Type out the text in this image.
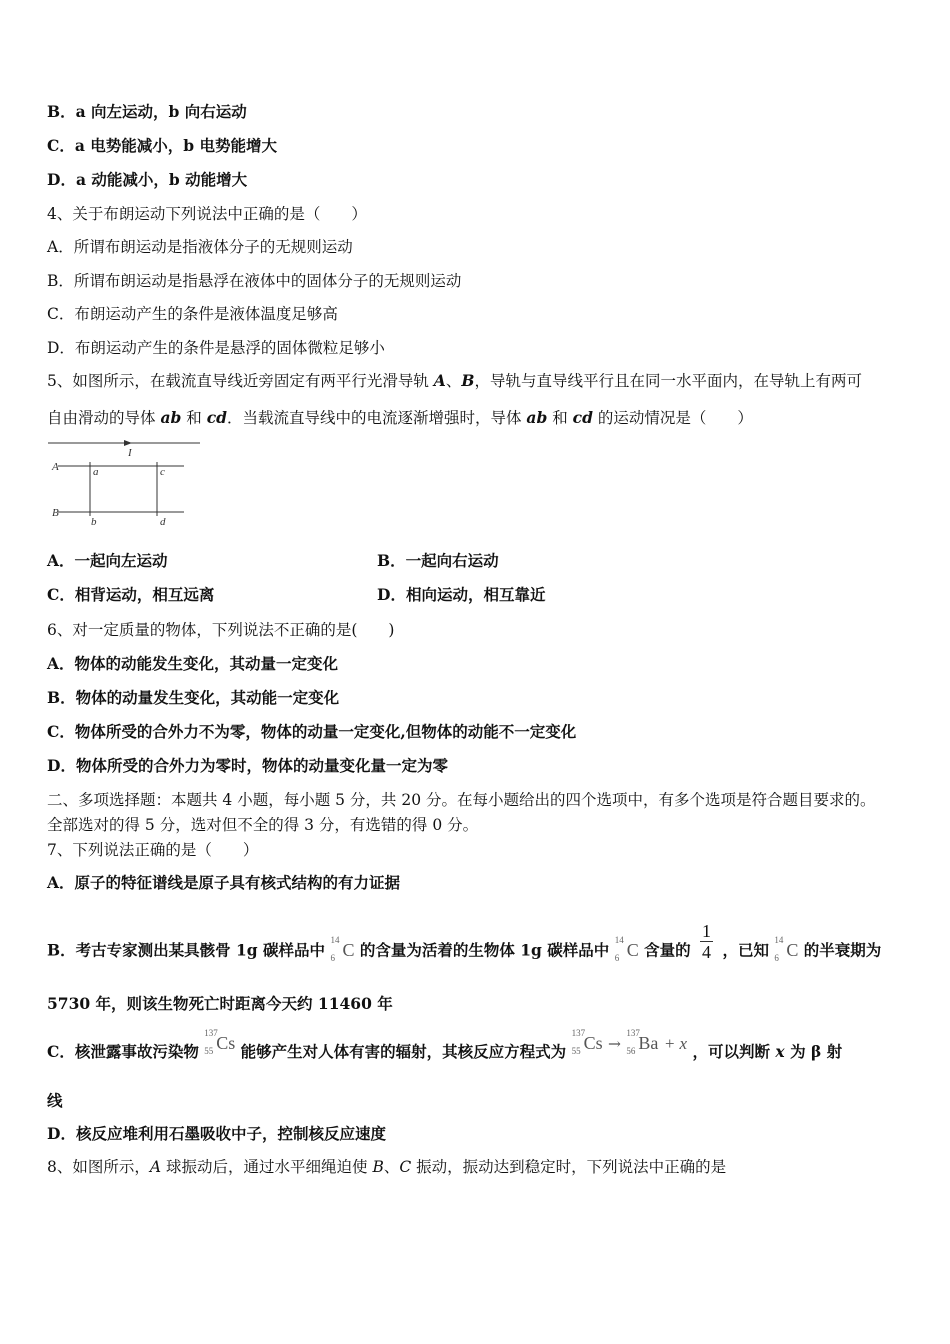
B．a 向左运动，b 向右运动
C．a 电势能减小，b 电势能增大
D．a 动能减小，b 动能增大
4、关于布朗运动下列说法中正确的是（　　）
A．所谓布朗运动是指液体分子的无规则运动
B．所谓布朗运动是指悬浮在液体中的固体分子的无规则运动
C．布朗运动产生的条件是液体温度足够高
D．布朗运动产生的条件是悬浮的固体微粒足够小
5、如图所示，在载流直导线近旁固定有两平行光滑导轨 A、B，导轨与直导线平行且在同一水平面内，在导轨上有两可
自由滑动的导体 ab 和 cd．当载流直导线中的电流逐渐增强时，导体 ab 和 cd 的运动情况是（　　）
I
A
B
a	c
b	d
A．一起向左运动	B．一起向右运动
C．相背运动，相互远离	D．相向运动，相互靠近
6、对一定质量的物体，下列说法不正确的是(　　)
A．物体的动能发生变化，其动量一定变化
B．物体的动量发生变化，其动能一定变化
C．物体所受的合外力不为零，物体的动量一定变化,但物体的动能不一定变化
D．物体所受的合外力为零时，物体的动量变化量一定为零
二、多项选择题：本题共 4 小题，每小题 5 分，共 20 分。在每小题给出的四个选项中，有多个选项是符合题目要求的。
全部选对的得 5 分，选对但不全的得 3 分，有选错的得 0 分。
7、下列说法正确的是（　　）
A．原子的特征谱线是原子具有核式结构的有力证据
B．考古专家测出某具骸骨 1g 碳样品中
14
6 C 的含量为活着的生物体 1g 碳样品中
14
6 C 含量的 $\frac{1}{4}$ ，已知
14
6 C 的半衰期为
5730 年，则该生物死亡时距离今天约 11460 年
C．核泄露事故污染物
137
55 Cs 能够产生对人体有害的辐射，其核反应方程式为
137
55 Cs →
137
56 Ba + x ，可以判断 x 为 β 射
线
D．核反应堆利用石墨吸收中子，控制核反应速度
8、如图所示，A 球振动后，通过水平细绳迫使 B、C 振动，振动达到稳定时，下列说法中正确的是
